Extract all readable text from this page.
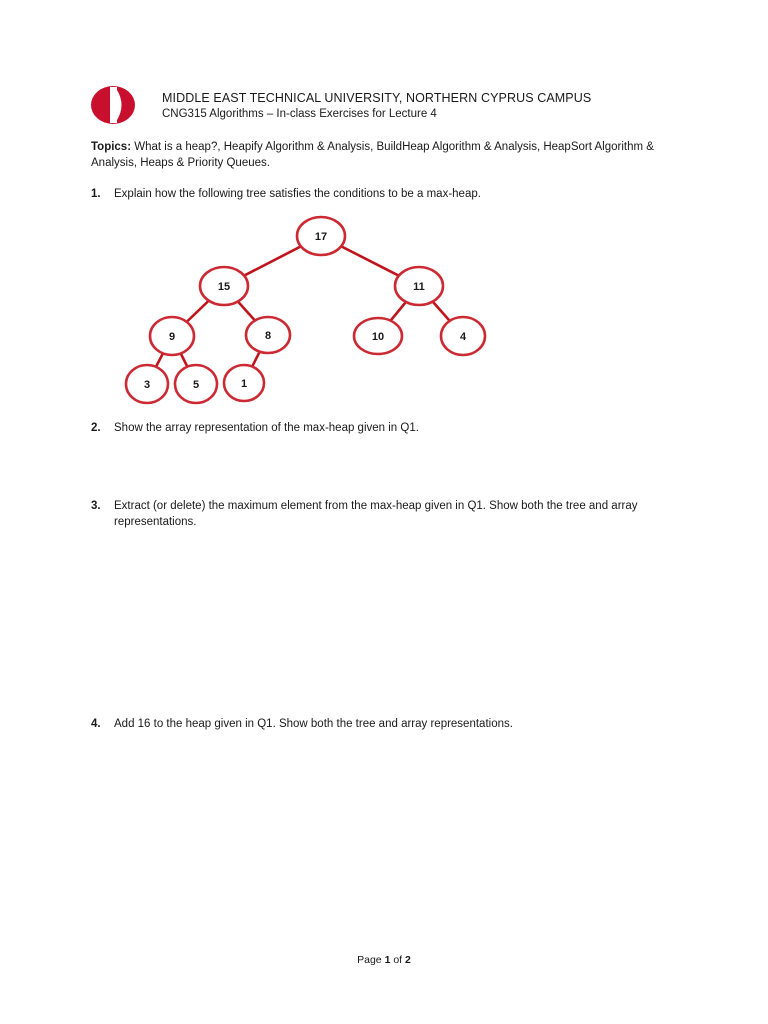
MIDDLE EAST TECHNICAL UNIVERSITY, NORTHERN CYPRUS CAMPUS
CNG315 Algorithms – In-class Exercises for Lecture 4
Topics: What is a heap?, Heapify Algorithm & Analysis, BuildHeap Algorithm & Analysis, HeapSort Algorithm & Analysis, Heaps & Priority Queues.
1. Explain how the following tree satisfies the conditions to be a max-heap.
2. Show the array representation of the max-heap given in Q1.
3. Extract (or delete) the maximum element from the max-heap given in Q1. Show both the tree and array representations.
4. Add 16 to the heap given in Q1. Show both the tree and array representations.
17
15	11
9	8	10	4
3	5	1
Page 1 of 2
